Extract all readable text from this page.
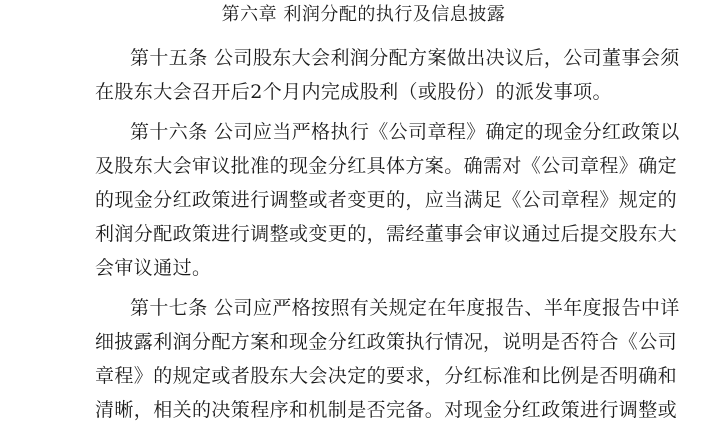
第六章 利润分配的执行及信息披露
第十五条 公司股东大会利润分配方案做出决议后，公司董事会须
在股东大会召开后2个月内完成股利（或股份）的派发事项。
第十六条 公司应当严格执行《公司章程》确定的现金分红政策以
及股东大会审议批准的现金分红具体方案。确需对《公司章程》确定
的现金分红政策进行调整或者变更的，应当满足《公司章程》规定的
利润分配政策进行调整或变更的，需经董事会审议通过后提交股东大
会审议通过。
第十七条 公司应严格按照有关规定在年度报告、半年度报告中详
细披露利润分配方案和现金分红政策执行情况，说明是否符合《公司
章程》的规定或者股东大会决定的要求，分红标准和比例是否明确和
清晰，相关的决策程序和机制是否完备。对现金分红政策进行调整或
